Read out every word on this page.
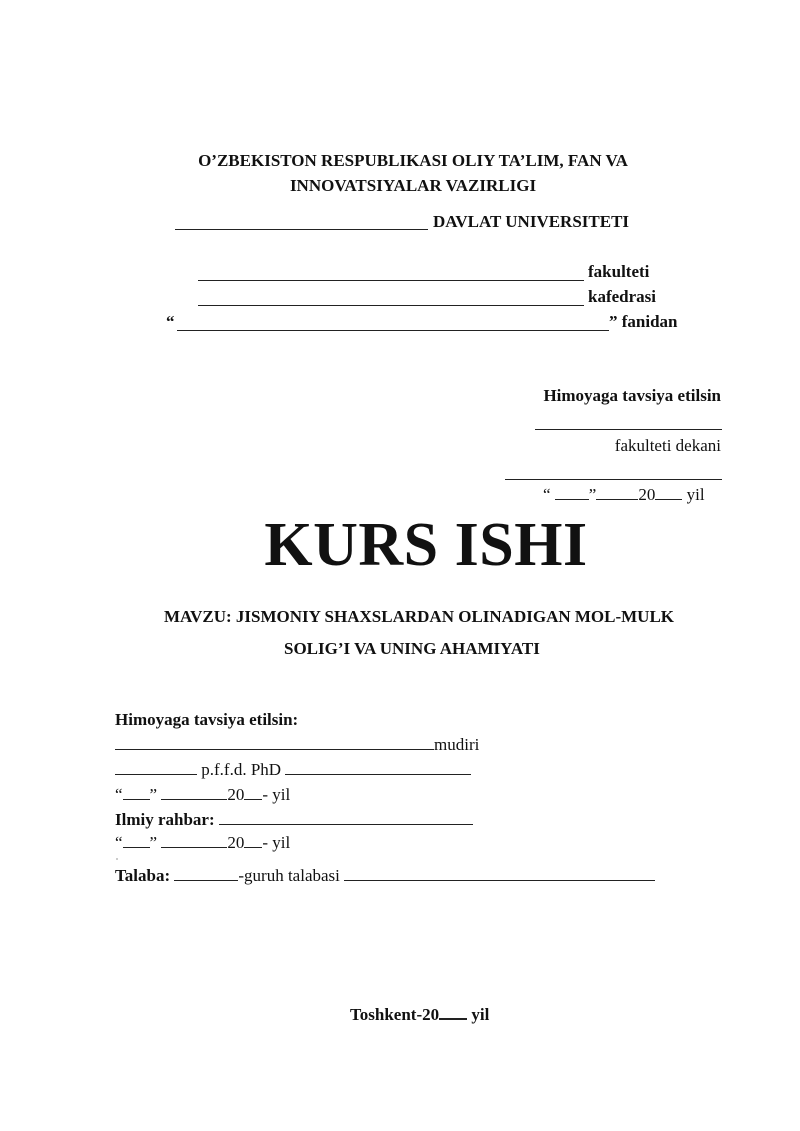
O’ZBEKISTON RESPUBLIKASI OLIY TA’LIM, FAN VA
INNOVATSIYALAR VAZIRLIGI
DAVLAT UNIVERSITETI
fakulteti
kafedrasi
“	” fanidan
Himoyaga tavsiya etilsin
fakulteti dekani
“ ” 20 yil
KURS ISHI
MAVZU: JISMONIY SHAXSLARDAN OLINADIGAN MOL-MULK
SOLIG’I VA UNING AHAMIYATI
Himoyaga tavsiya etilsin:
mudiri
p.f.f.d. PhD
“ ”	20 - yil
Ilmiy rahbar:
“ ”	20 - yil
Talaba:	-guruh talabasi
Toshkent-20 yil
